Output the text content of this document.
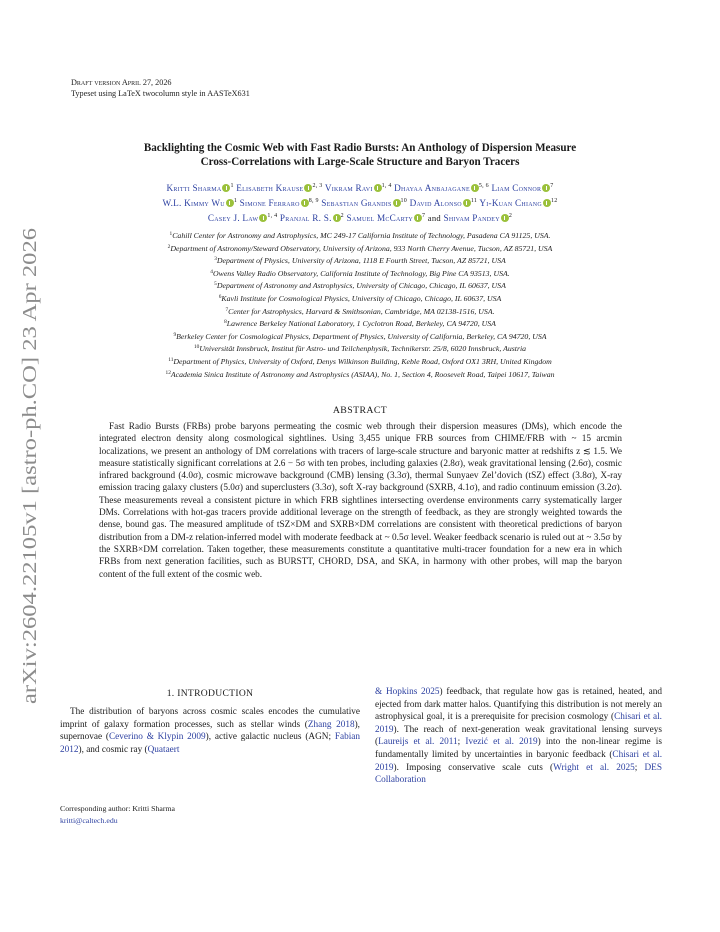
arXiv:2604.22105v1 [astro-ph.CO] 23 Apr 2026
Draft version April 27, 2026
Typeset using LaTeX twocolumn style in AASTeX631
Backlighting the Cosmic Web with Fast Radio Bursts: An Anthology of Dispersion Measure
Cross-Correlations with Large-Scale Structure and Baryon Tracers
Kritti Sharma $^1$ Elisabeth Krause $^{2, 3}$ Vikram Ravi $^{1, 4}$ Dhayaa Anbajagane $^{5, 6}$ Liam Connor $^7$
W.L. Kimmy Wu $^1$ Simone Ferraro $^{8, 9}$ Sebastian Grandis $^{10}$ David Alonso $^{11}$ Yi-Kuan Chiang $^{12}$
Casey J. Law $^{1, 4}$ Pranjal R. S. $^2$ Samuel McCarty $^7$ and Shivam Pandey $^2$
$^1$Cahill Center for Astronomy and Astrophysics, MC 249-17 California Institute of Technology, Pasadena CA 91125, USA.
$^2$Department of Astronomy/Steward Observatory, University of Arizona, 933 North Cherry Avenue, Tucson, AZ 85721, USA
$^3$Department of Physics, University of Arizona, 1118 E Fourth Street, Tucson, AZ 85721, USA
$^4$Owens Valley Radio Observatory, California Institute of Technology, Big Pine CA 93513, USA.
$^5$Department of Astronomy and Astrophysics, University of Chicago, Chicago, IL 60637, USA
$^6$Kavli Institute for Cosmological Physics, University of Chicago, Chicago, IL 60637, USA
$^7$Center for Astrophysics, Harvard & Smithsonian, Cambridge, MA 02138-1516, USA.
$^8$Lawrence Berkeley National Laboratory, 1 Cyclotron Road, Berkeley, CA 94720, USA
$^9$Berkeley Center for Cosmological Physics, Department of Physics, University of California, Berkeley, CA 94720, USA
$^{10}$Universität Innsbruck, Institut für Astro- und Teilchenphysik, Technikerstr. 25/8, 6020 Innsbruck, Austria
$^{11}$Department of Physics, University of Oxford, Denys Wilkinson Building, Keble Road, Oxford OX1 3RH, United Kingdom
$^{12}$Academia Sinica Institute of Astronomy and Astrophysics (ASIAA), No. 1, Section 4, Roosevelt Road, Taipei 10617, Taiwan
ABSTRACT
Fast Radio Bursts (FRBs) probe baryons permeating the cosmic web through their dispersion measures (DMs), which encode the integrated electron density along cosmological sightlines. Using 3,455 unique FRB sources from CHIME/FRB with ~ 15 arcmin localizations, we present an anthology of DM correlations with tracers of large-scale structure and baryonic matter at redshifts z ≲ 1.5. We measure statistically significant correlations at 2.6 − 5σ with ten probes, including galaxies (2.8σ), weak gravitational lensing (2.6σ), cosmic infrared background (4.0σ), cosmic microwave background (CMB) lensing (3.3σ), thermal Sunyaev Zel’dovich (tSZ) effect (3.8σ), X-ray emission tracing galaxy clusters (5.0σ) and superclusters (3.3σ), soft X-ray background (SXRB, 4.1σ), and radio continuum emission (3.2σ). These measurements reveal a consistent picture in which FRB sightlines intersecting overdense environments carry systematically larger DMs. Correlations with hot-gas tracers provide additional leverage on the strength of feedback, as they are strongly weighted towards the dense, bound gas. The measured amplitude of tSZ×DM and SXRB×DM correlations are consistent with theoretical predictions of baryon distribution from a DM-z relation-inferred model with moderate feedback at ~ 0.5σ level. Weaker feedback scenario is ruled out at ~ 3.5σ by the SXRB×DM correlation. Taken together, these measurements constitute a quantitative multi-tracer foundation for a new era in which FRBs from next generation facilities, such as BURSTT, CHORD, DSA, and SKA, in harmony with other probes, will map the baryon content of the full extent of the cosmic web.
1. INTRODUCTION
The distribution of baryons across cosmic scales encodes the cumulative imprint of galaxy formation processes, such as stellar winds (Zhang 2018), supernovae (Ceverino & Klypin 2009), active galactic nucleus (AGN; Fabian 2012), and cosmic ray (Quataert
Corresponding author: Kritti Sharma
kritti@caltech.edu
& Hopkins 2025) feedback, that regulate how gas is retained, heated, and ejected from dark matter halos. Quantifying this distribution is not merely an astrophysical goal, it is a prerequisite for precision cosmology (Chisari et al. 2019). The reach of next-generation weak gravitational lensing surveys (Laureijs et al. 2011; Ivezić et al. 2019) into the non-linear regime is fundamentally limited by uncertainties in baryonic feedback (Chisari et al. 2019). Imposing conservative scale cuts (Wright et al. 2025; DES Collaboration
